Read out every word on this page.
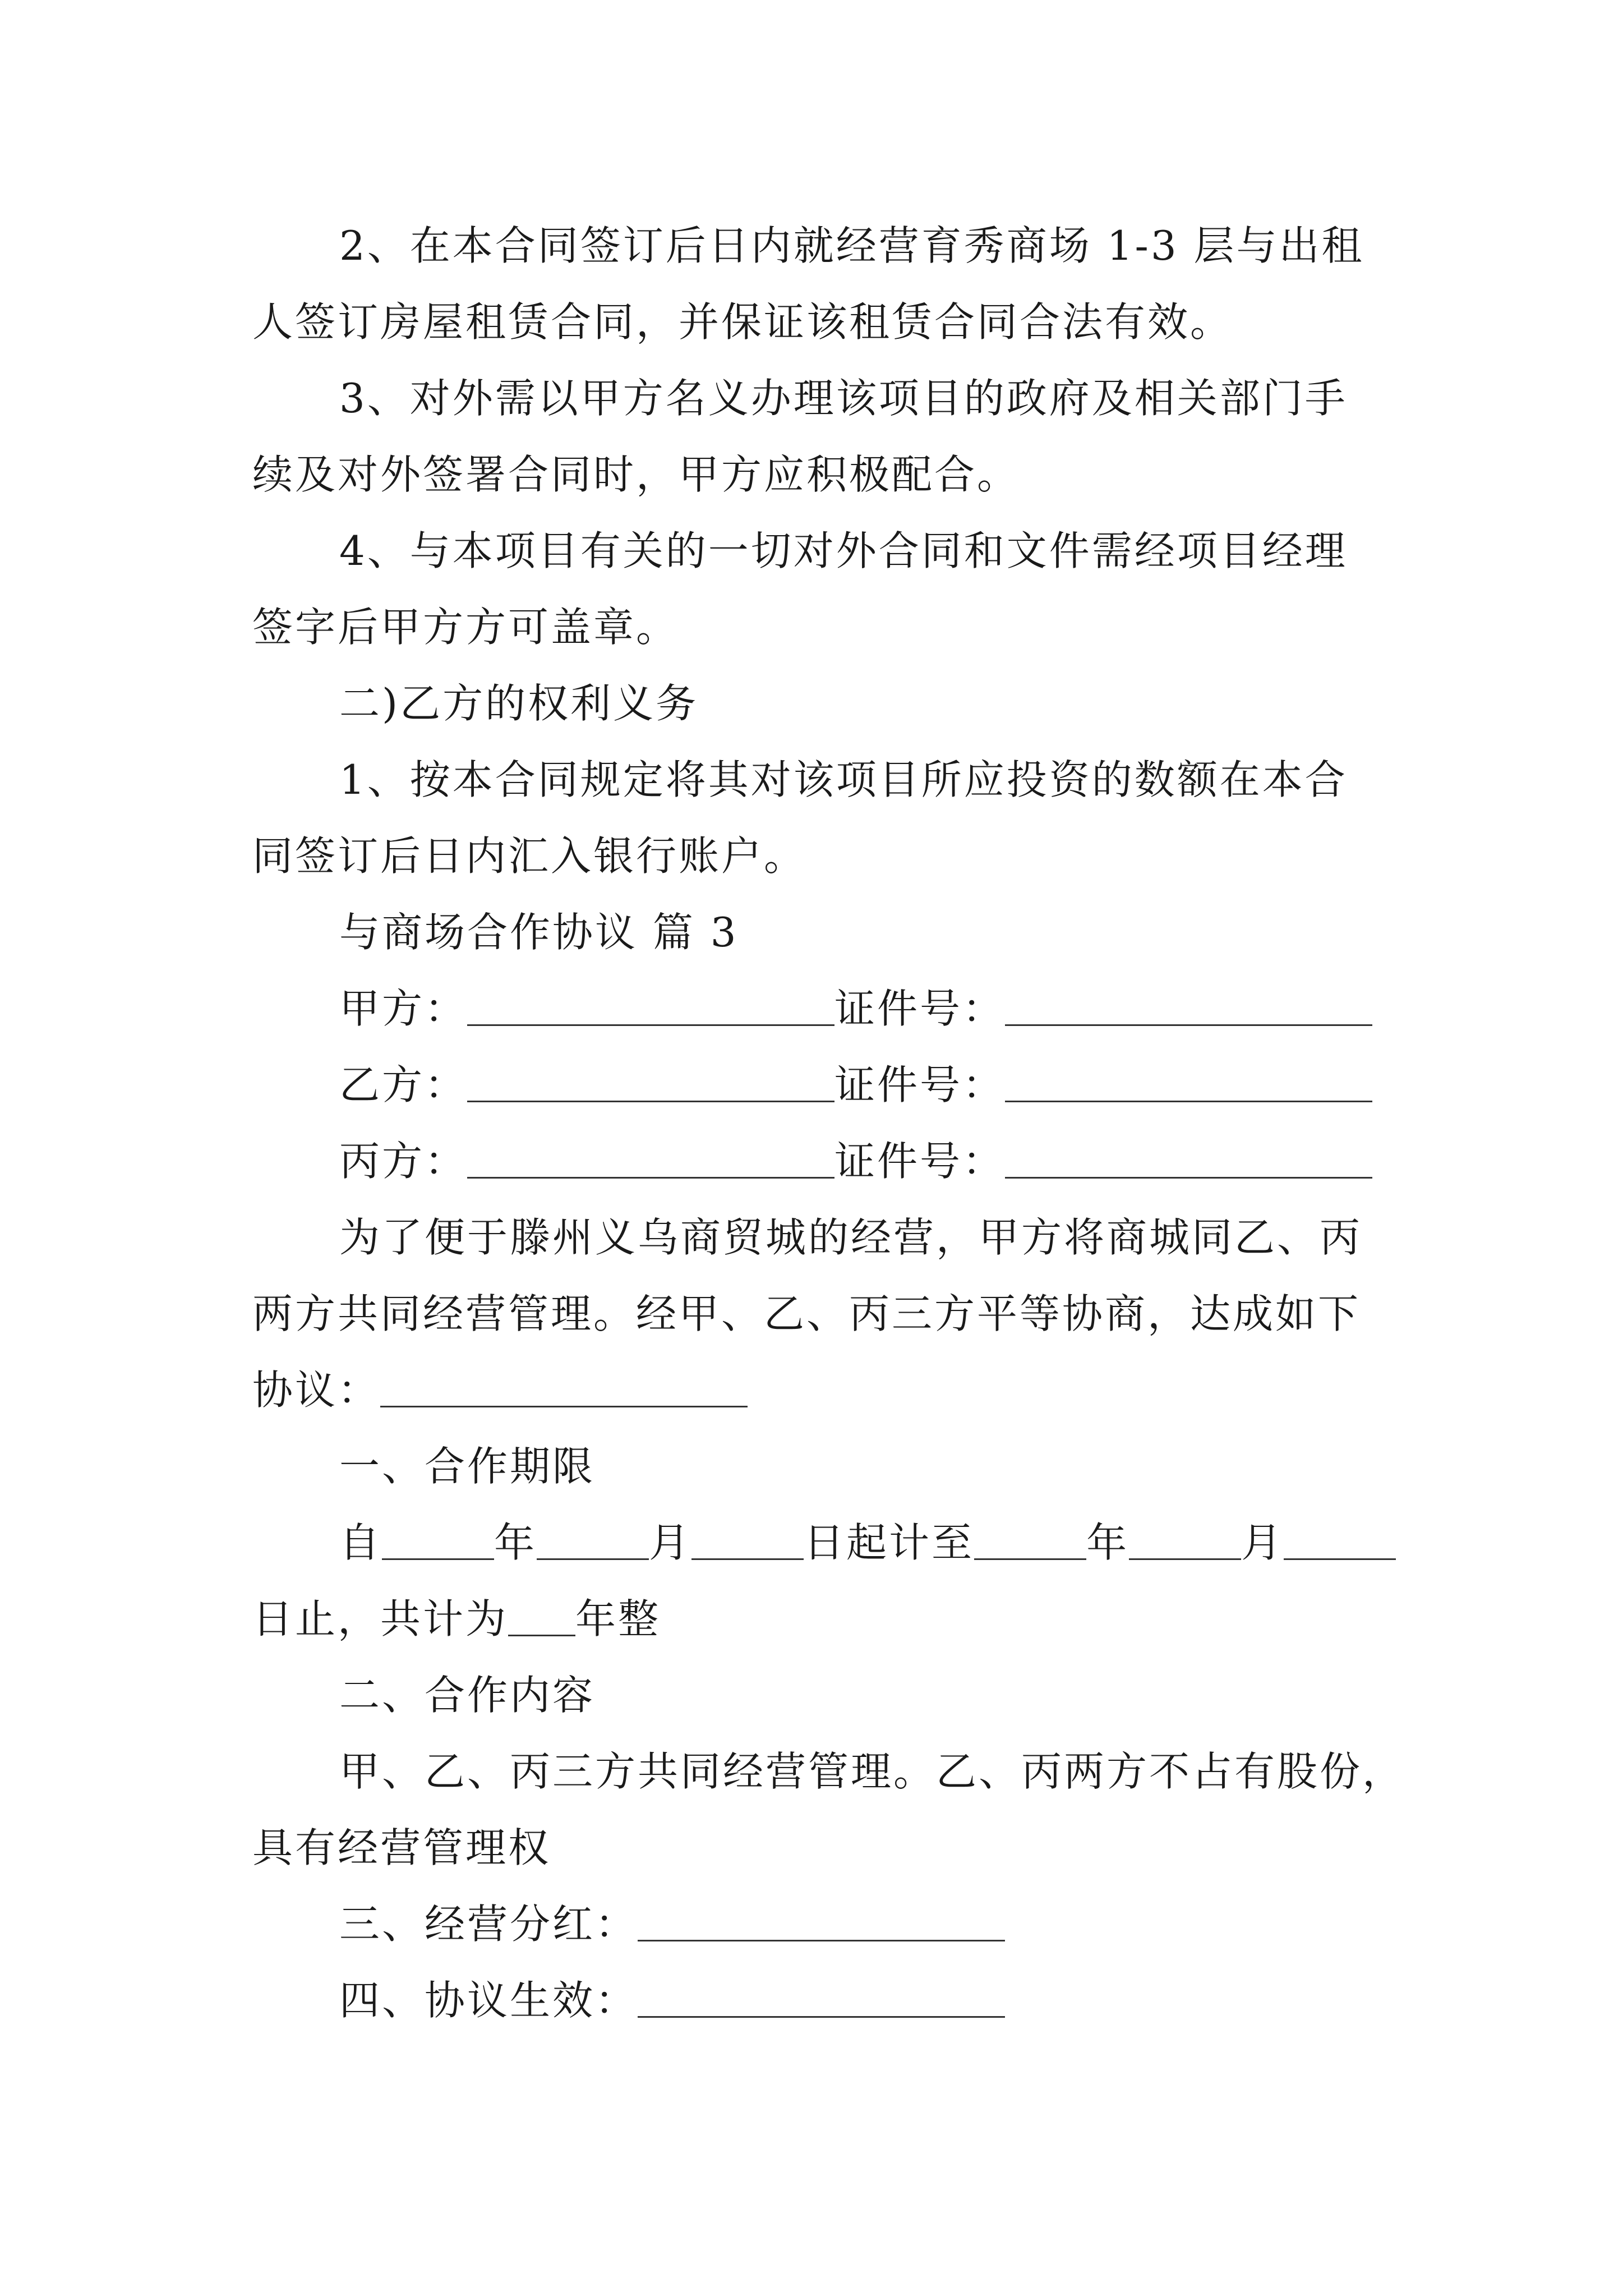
2、在本合同签订后日内就经营育秀商场 1-3 层与出租
人签订房屋租赁合同，并保证该租赁合同合法有效。
3、对外需以甲方名义办理该项目的政府及相关部门手
续及对外签署合同时，甲方应积极配合。
4、与本项目有关的一切对外合同和文件需经项目经理
签字后甲方方可盖章。
二)乙方的权利义务
1、按本合同规定将其对该项目所应投资的数额在本合
同签订后日内汇入银行账户。
与商场合作协议 篇 3
甲方：	证件号：
乙方：	证件号：
丙方：	证件号：
为了便于滕州义乌商贸城的经营，甲方将商城同乙、丙
两方共同经营管理。经甲、乙、丙三方平等协商，达成如下
协议：
一、合作期限
自	年	月	日起计至	年	月
日止，共计为 年整
二、合作内容
甲、乙、丙三方共同经营管理。乙、丙两方不占有股份，
具有经营管理权
三、经营分红：
四、协议生效：
